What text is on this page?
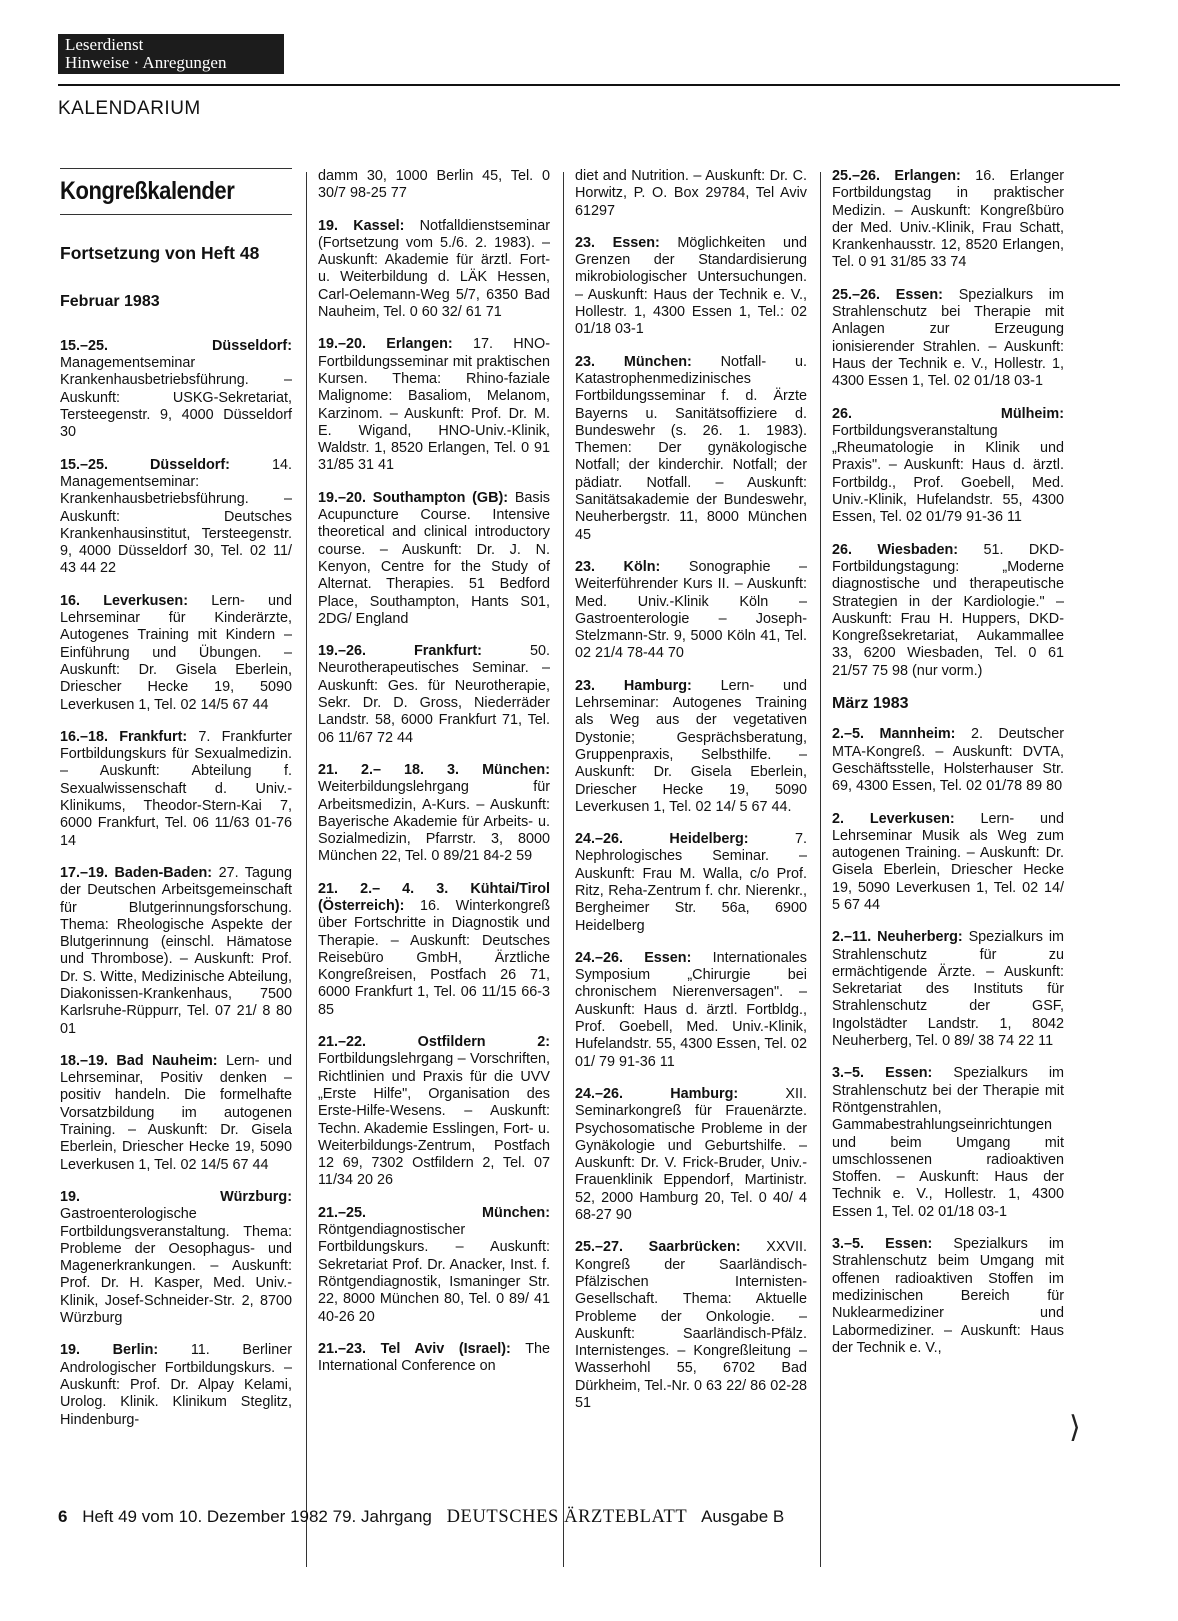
Leserdienst
Hinweise · Anregungen
KALENDARIUM
Kongreßkalender
Fortsetzung von Heft 48
Februar 1983
15.–25.	Düsseldorf: Managementseminar Krankenhausbetriebsführung. – Auskunft: USKG-Sekretariat, Tersteegenstr. 9, 4000 Düsseldorf 30
15.–25.	Düsseldorf:	14. Managementseminar: Krankenhausbetriebsführung. – Auskunft: Deutsches Krankenhausinstitut, Tersteegenstr. 9, 4000 Düsseldorf 30, Tel. 02 11/ 43 44 22
16. Leverkusen: Lern- und Lehrseminar für Kinderärzte, Autogenes Training mit Kindern – Einführung und Übungen. – Auskunft: Dr. Gisela Eberlein, Driescher Hecke 19, 5090 Leverkusen 1, Tel. 02 14/5 67 44
16.–18. Frankfurt: 7. Frankfurter Fortbildungskurs für Sexualmedizin. – Auskunft: Abteilung f. Sexualwissenschaft d. Univ.-Klinikums, Theodor-Stern-Kai 7, 6000 Frankfurt, Tel. 06 11/63 01-76 14
17.–19. Baden-Baden: 27. Tagung der Deutschen Arbeitsgemeinschaft für Blutgerinnungsforschung. Thema: Rheologische Aspekte der Blutgerinnung (einschl. Hämatose und Thrombose). – Auskunft: Prof. Dr. S. Witte, Medizinische Abteilung, Diakonissen-Krankenhaus, 7500 Karlsruhe-Rüppurr, Tel. 07 21/ 8 80 01
18.–19. Bad Nauheim: Lern- und Lehrseminar, Positiv denken – positiv handeln. Die formelhafte Vorsatzbildung im autogenen Training. – Auskunft: Dr. Gisela Eberlein, Driescher Hecke 19, 5090 Leverkusen 1, Tel. 02 14/5 67 44
19.	Würzburg: Gastroenterologische Fortbildungsveranstaltung. Thema: Probleme der Oesophagus- und Magenerkrankungen. – Auskunft: Prof. Dr. H. Kasper, Med. Univ.-Klinik, Josef-Schneider-Str. 2, 8700 Würzburg
19. Berlin: 11. Berliner Andrologischer Fortbildungskurs. – Auskunft: Prof. Dr. Alpay Kelami, Urolog. Klinik. Klinikum Steglitz, Hindenburg-
damm 30, 1000 Berlin 45, Tel. 0 30/7 98-25 77
19. Kassel: Notfalldienstseminar (Fortsetzung vom 5./6. 2. 1983). – Auskunft: Akademie für ärztl. Fort- u. Weiterbildung d. LÄK Hessen, Carl-Oelemann-Weg 5/7, 6350 Bad Nauheim, Tel. 0 60 32/ 61 71
19.–20. Erlangen: 17. HNO-Fortbildungsseminar mit praktischen Kursen. Thema: Rhino-faziale Malignome: Basaliom, Melanom, Karzinom. – Auskunft: Prof. Dr. M. E. Wigand, HNO-Univ.-Klinik, Waldstr. 1, 8520 Erlangen, Tel. 0 91 31/85 31 41
19.–20. Southampton (GB): Basis Acupuncture Course. Intensive theoretical and clinical introductory course. – Auskunft: Dr. J. N. Kenyon, Centre for the Study of Alternat. Therapies. 51 Bedford Place, Southampton, Hants S01, 2DG/ England
19.–26.	Frankfurt:	50. Neurotherapeutisches Seminar. – Auskunft: Ges. für Neurotherapie, Sekr. Dr. D. Gross, Niederräder Landstr. 58, 6000 Frankfurt 71, Tel. 06 11/67 72 44
21. 2.– 18. 3. München: Weiterbildungslehrgang für Arbeitsmedizin, A-Kurs. – Auskunft: Bayerische Akademie für Arbeits- u. Sozialmedizin, Pfarrstr. 3, 8000 München 22, Tel. 0 89/21 84-2 59
21. 2.– 4. 3. Kühtai/Tirol (Österreich): 16. Winterkongreß über Fortschritte in Diagnostik und Therapie. – Auskunft: Deutsches Reisebüro GmbH, Ärztliche Kongreßreisen, Postfach 26 71, 6000 Frankfurt 1, Tel. 06 11/15 66-3 85
21.–22.	Ostfildern 2: Fortbildungslehrgang – Vorschriften, Richtlinien und Praxis für die UVV „Erste Hilfe", Organisation des Erste-Hilfe-Wesens. – Auskunft: Techn. Akademie Esslingen, Fort- u. Weiterbildungs-Zentrum, Postfach 12 69, 7302 Ostfildern 2, Tel. 07 11/34 20 26
21.–25.	München: Röntgendiagnostischer Fortbildungskurs. – Auskunft: Sekretariat Prof. Dr. Anacker, Inst. f. Röntgendiagnostik, Ismaninger Str. 22, 8000 München 80, Tel. 0 89/ 41 40-26 20
21.–23. Tel Aviv (Israel): The International Conference on
diet and Nutrition. – Auskunft: Dr. C. Horwitz, P. O. Box 29784, Tel Aviv 61297
23. Essen: Möglichkeiten und Grenzen der Standardisierung mikrobiologischer Untersuchungen. – Auskunft: Haus der Technik e. V., Hollestr. 1, 4300 Essen 1, Tel.: 02 01/18 03-1
23. München: Notfall- u. Katastrophenmedizinisches Fortbildungsseminar f. d. Ärzte Bayerns u. Sanitätsoffiziere d. Bundeswehr (s. 26. 1. 1983). Themen: Der gynäkologische Notfall; der kinderchir. Notfall; der pädiatr. Notfall. – Auskunft: Sanitätsakademie der Bundeswehr, Neuherbergstr. 11, 8000 München 45
23. Köln: Sonographie – Weiterführender Kurs II. – Auskunft: Med. Univ.-Klinik Köln – Gastroenterologie – Joseph-Stelzmann-Str. 9, 5000 Köln 41, Tel. 02 21/4 78-44 70
23. Hamburg: Lern- und Lehrseminar: Autogenes Training als Weg aus der vegetativen Dystonie; Gesprächsberatung, Gruppenpraxis, Selbsthilfe. – Auskunft: Dr. Gisela Eberlein, Driescher Hecke 19, 5090 Leverkusen 1, Tel. 02 14/ 5 67 44.
24.–26.	Heidelberg:	7. Nephrologisches Seminar. – Auskunft: Frau M. Walla, c/o Prof. Ritz, Reha-Zentrum f. chr. Nierenkr., Bergheimer Str. 56a, 6900 Heidelberg
24.–26. Essen: Internationales Symposium „Chirurgie bei chronischem Nierenversagen". – Auskunft: Haus d. ärztl. Fortbldg., Prof. Goebell, Med. Univ.-Klinik, Hufelandstr. 55, 4300 Essen, Tel. 02 01/ 79 91-36 11
24.–26.	Hamburg:	XII. Seminarkongreß für Frauenärzte. Psychosomatische Probleme in der Gynäkologie und Geburtshilfe. – Auskunft: Dr. V. Frick-Bruder, Univ.-Frauenklinik Eppendorf, Martinistr. 52, 2000 Hamburg 20, Tel. 0 40/ 4 68-27 90
25.–27. Saarbrücken: XXVII. Kongreß der Saarländisch-Pfälzischen Internisten-Gesellschaft. Thema: Aktuelle Probleme der Onkologie. – Auskunft: Saarländisch-Pfälz. Internistenges. – Kongreßleitung – Wasserhohl 55, 6702 Bad Dürkheim, Tel.-Nr. 0 63 22/ 86 02-28 51
25.–26. Erlangen: 16. Erlanger Fortbildungstag in praktischer Medizin. – Auskunft: Kongreßbüro der Med. Univ.-Klinik, Frau Schatt, Krankenhausstr. 12, 8520 Erlangen, Tel. 0 91 31/85 33 74
25.–26. Essen: Spezialkurs im Strahlenschutz bei Therapie mit Anlagen zur Erzeugung ionisierender Strahlen. – Auskunft: Haus der Technik e. V., Hollestr. 1, 4300 Essen 1, Tel. 02 01/18 03-1
26.	Mülheim: Fortbildungsveranstaltung „Rheumatologie in Klinik und Praxis". – Auskunft: Haus d. ärztl. Fortbildg., Prof. Goebell, Med. Univ.-Klinik, Hufelandstr. 55, 4300 Essen, Tel. 02 01/79 91-36 11
26. Wiesbaden: 51. DKD-Fortbildungstagung: „Moderne diagnostische und therapeutische Strategien in der Kardiologie." – Auskunft: Frau H. Huppers, DKD-Kongreßsekretariat, Aukammallee 33, 6200 Wiesbaden, Tel. 0 61 21/57 75 98 (nur vorm.)
März 1983
2.–5. Mannheim: 2. Deutscher MTA-Kongreß. – Auskunft: DVTA, Geschäftsstelle, Holsterhauser Str. 69, 4300 Essen, Tel. 02 01/78 89 80
2. Leverkusen: Lern- und Lehrseminar Musik als Weg zum autogenen Training. – Auskunft: Dr. Gisela Eberlein, Driescher Hecke 19, 5090 Leverkusen 1, Tel. 02 14/ 5 67 44
2.–11. Neuherberg: Spezialkurs im Strahlenschutz für zu ermächtigende Ärzte. – Auskunft: Sekretariat des Instituts für Strahlenschutz der GSF, Ingolstädter Landstr. 1, 8042 Neuherberg, Tel. 0 89/ 38 74 22 11
3.–5. Essen: Spezialkurs im Strahlenschutz bei der Therapie mit Röntgenstrahlen, Gammabestrahlungseinrichtungen und beim Umgang mit umschlossenen radioaktiven Stoffen. – Auskunft: Haus der Technik e. V., Hollestr. 1, 4300 Essen 1, Tel. 02 01/18 03-1
3.–5. Essen: Spezialkurs im Strahlenschutz beim Umgang mit offenen radioaktiven Stoffen im medizinischen Bereich für Nuklearmediziner und Labormediziner. – Auskunft: Haus der Technik e. V.,
⟩
6 Heft 49 vom 10. Dezember 1982 79. Jahrgang DEUTSCHES ÄRZTEBLATT Ausgabe B
